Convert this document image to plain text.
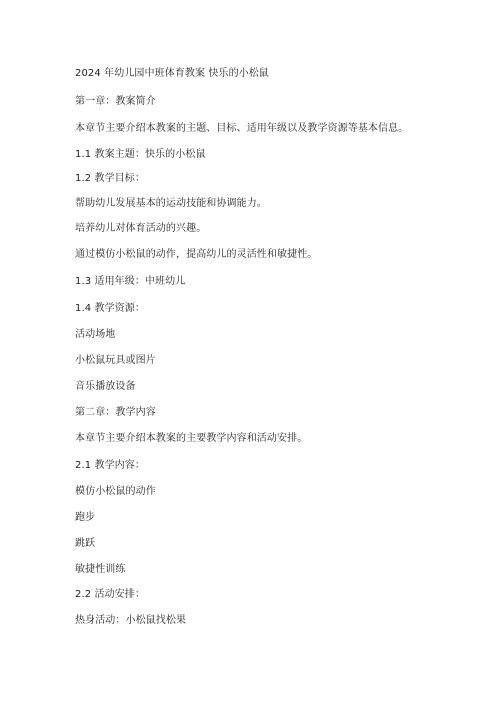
2024 年幼儿园中班体育教案 快乐的小松鼠
第一章：教案简介
本章节主要介绍本教案的主题、目标、适用年级以及教学资源等基本信息。
1.1 教案主题：快乐的小松鼠
1.2 教学目标：
帮助幼儿发展基本的运动技能和协调能力。
培养幼儿对体育活动的兴趣。
通过模仿小松鼠的动作，提高幼儿的灵活性和敏捷性。
1.3 适用年级：中班幼儿
1.4 教学资源：
活动场地
小松鼠玩具或图片
音乐播放设备
第二章：教学内容
本章节主要介绍本教案的主要教学内容和活动安排。
2.1 教学内容：
模仿小松鼠的动作
跑步
跳跃
敏捷性训练
2.2 活动安排：
热身活动：小松鼠找松果
